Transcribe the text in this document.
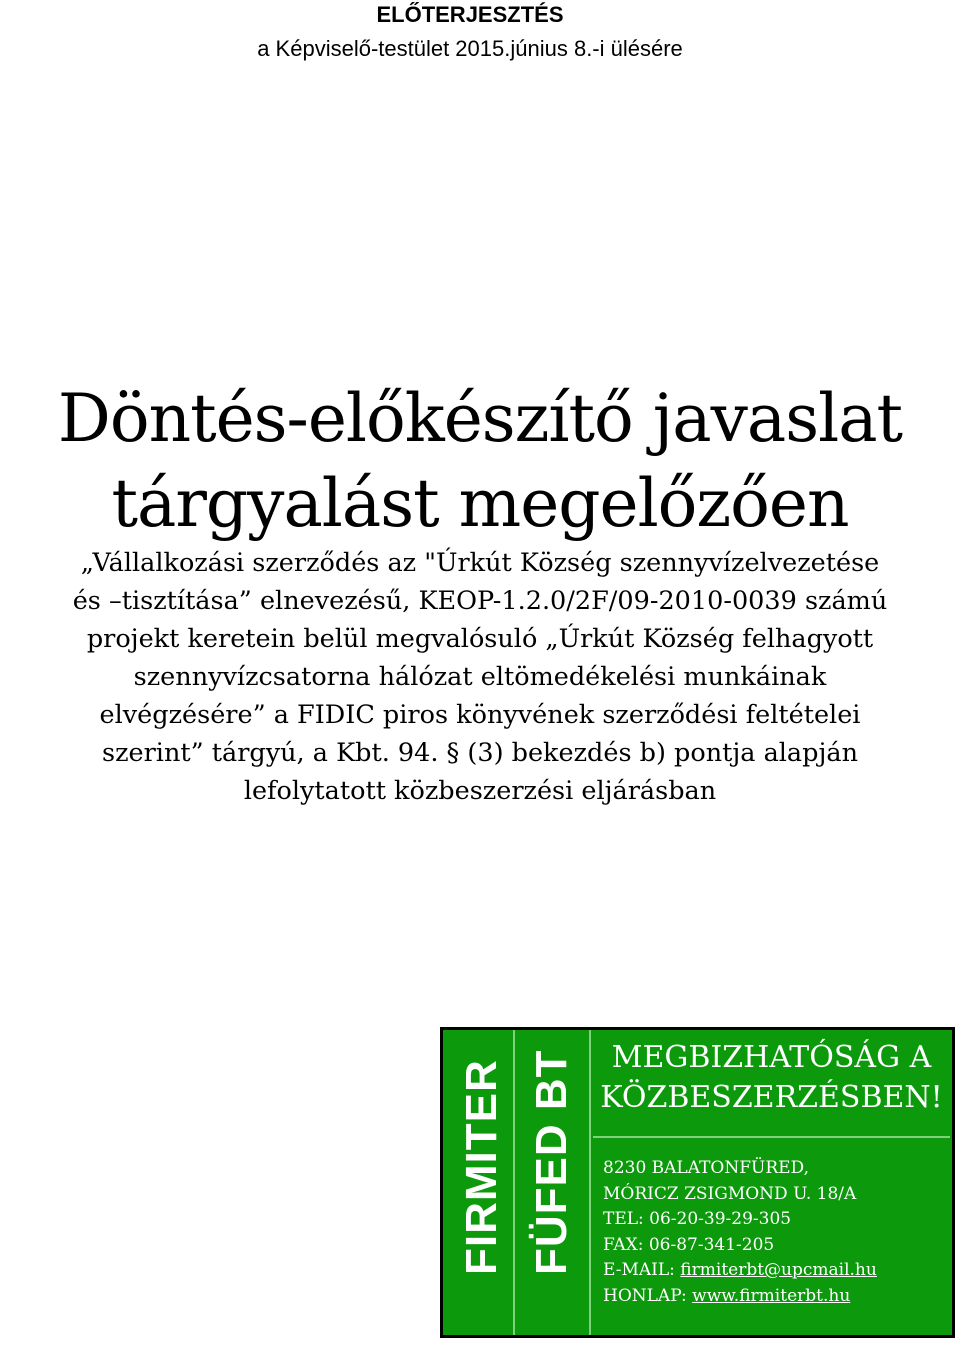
ELŐTERJESZTÉS
a Képviselő-testület 2015.június 8.-i ülésére
Döntés-előkészítő javaslat
tárgyalást megelőzően
„Vállalkozási szerződés az "Úrkút Község szennyvízelvezetése
és –tisztítása” elnevezésű, KEOP-1.2.0/2F/09-2010-0039 számú
projekt keretein belül megvalósuló „Úrkút Község felhagyott
szennyvízcsatorna hálózat eltömedékelési munkáinak
elvégzésére” a FIDIC piros könyvének szerződési feltételei
szerint” tárgyú, a Kbt. 94. § (3) bekezdés b) pontja alapján
lefolytatott közbeszerzési eljárásban
FIRMITER FÜFED BT	MEGBIZHATÓSÁG A
KÖZBESZERZÉSBEN!
8230 BALATONFÜRED,
MÓRICZ ZSIGMOND U. 18/A
TEL: 06-20-39-29-305
FAX: 06-87-341-205
E-MAIL: firmiterbt@upcmail.hu
HONLAP: www.firmiterbt.hu
